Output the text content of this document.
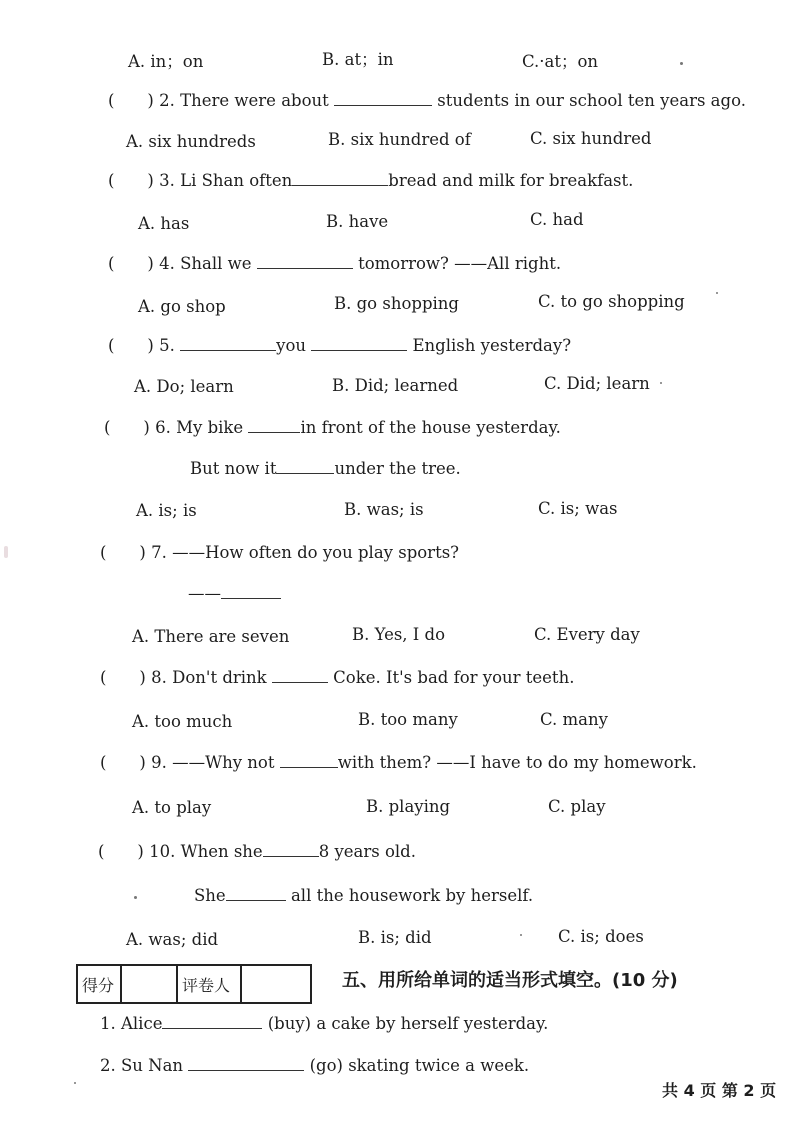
A. in；on	B. at；in	C.·at；on
(　　) 2. There were about	students in our school ten years ago.
A. six hundreds	B. six hundred of	C. six hundred
(　　) 3. Li Shan often	bread and milk for breakfast.
A. has	B. have	C. had
(　　) 4. Shall we	tomorrow? ——All right.
A. go shop	B. go shopping	C. to go shopping
(　　) 5.	you	English yesterday?
A. Do; learn	B. Did; learned	C. Did; learn
(　　) 6. My bike	in front of the house yesterday.
But now it	under the tree.
A. is; is	B. was; is	C. is; was
(　　) 7. ——How often do you play sports?
——
A. There are seven	B. Yes, I do	C. Every day
(　　) 8. Don't drink	Coke. It's bad for your teeth.
A. too much	B. too many	C. many
(　　) 9. ——Why not	with them? ——I have to do my homework.
A. to play	B. playing	C. play
(　　) 10. When she	8 years old.
She	all the housework by herself.
A. was; did	B. is; did	C. is; does
得分		评卷人		五、用所给单词的适当形式填空。(10 分)
1. Alice	(buy) a cake by herself yesterday.
2. Su Nan	(go) skating twice a week.
共 4 页 第 2 页
